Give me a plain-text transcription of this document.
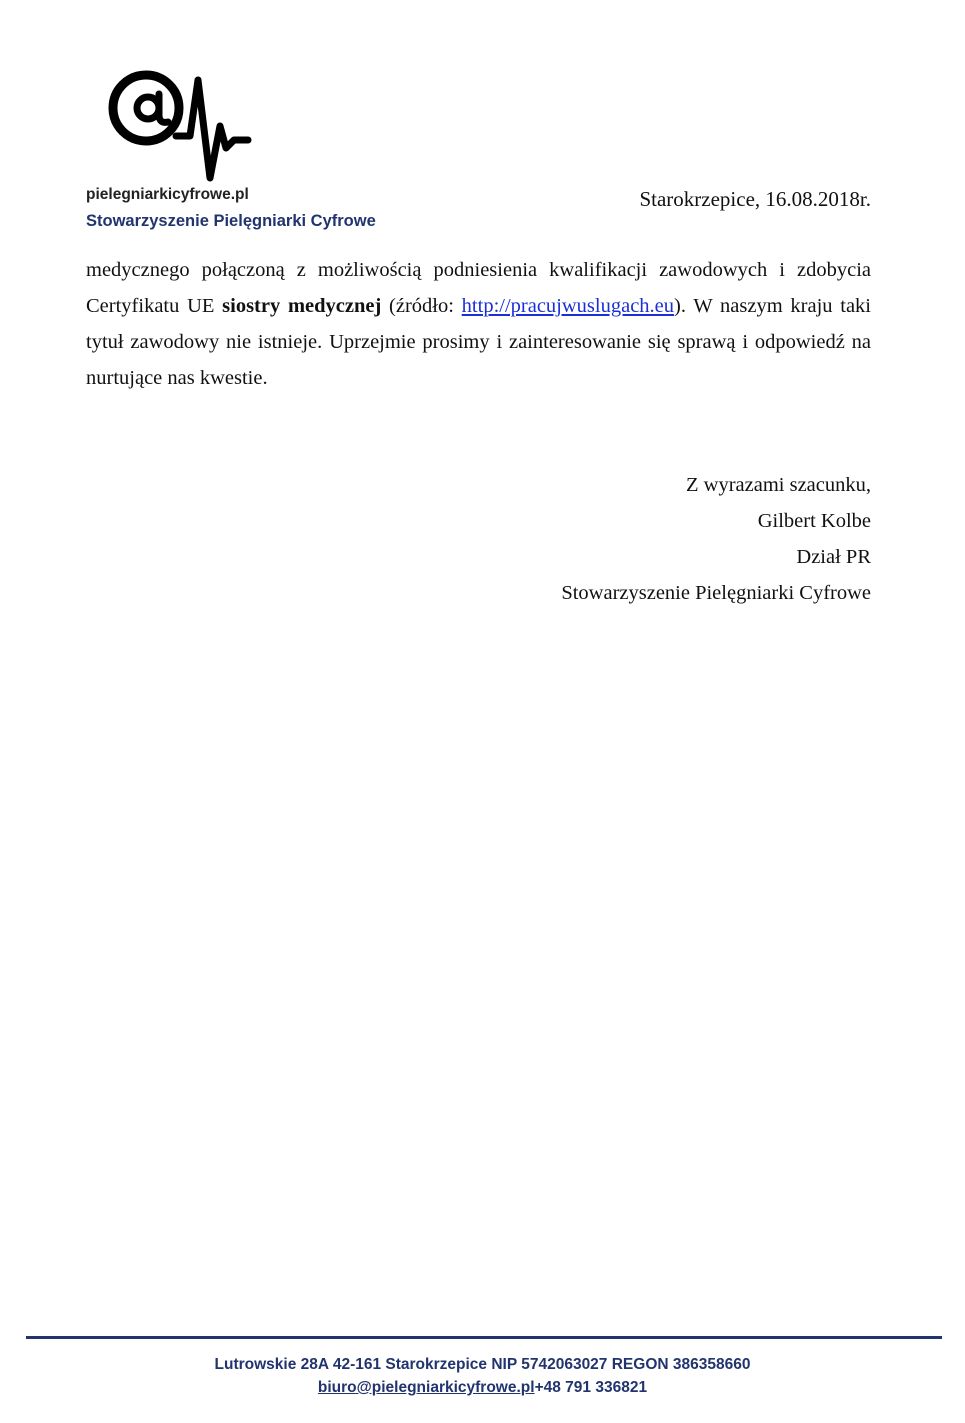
pielegniarkicyfrowe.pl
Stowarzyszenie Pielęgniarki Cyfrowe
Starokrzepice, 16.08.2018r.
medycznego połączoną z możliwością podniesienia kwalifikacji zawodowych i zdobycia Certyfikatu UE siostry medycznej (źródło: http://pracujwuslugach.eu). W naszym kraju taki tytuł zawodowy nie istnieje. Uprzejmie prosimy i zainteresowanie się sprawą i odpowiedź na nurtujące nas kwestie.
Z wyrazami szacunku,
Gilbert Kolbe
Dział PR
Stowarzyszenie Pielęgniarki Cyfrowe
Lutrowskie 28A 42-161 Starokrzepice NIP 5742063027 REGON 386358660
biuro@pielegniarkicyfrowe.pl+48 791 336821
